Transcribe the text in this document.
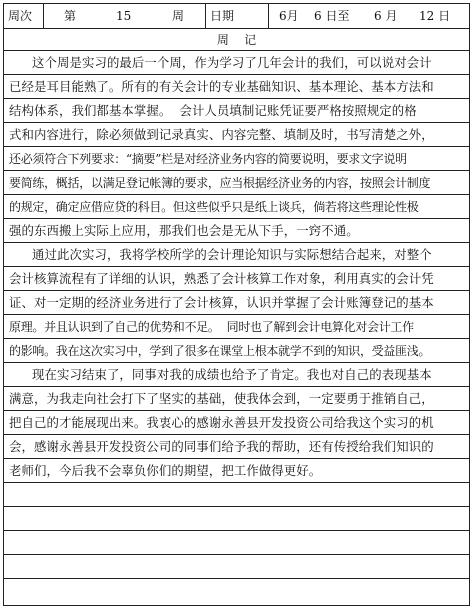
周次	第	15	周	日期	6月 6 日至 6 月 12 日
周    记
这个周是实习的最后一个周，作为学习了几年会计的我们，可以说对会计
已经是耳目能熟了。所有的有关会计的专业基础知识、基本理论、基本方法和
结构体系，我们都基本掌握。  会计人员填制记账凭证要严格按照规定的格
式和内容进行，除必须做到记录真实、内容完整、填制及时，书写清楚之外，
还必须符合下列要求：“摘要”栏是对经济业务内容的简要说明，要求文字说明
要简练，概括，以满足登记帐簿的要求，应当根据经济业务的内容，按照会计制度
的规定，确定应借应贷的科目。但这些似乎只是纸上谈兵，倘若将这些理论性极
强的东西搬上实际上应用，那我们也会是无从下手，一窍不通。
通过此次实习，我将学校所学的会计理论知识与实际想结合起来，对整个
会计核算流程有了详细的认识，熟悉了会计核算工作对象，利用真实的会计凭
证、对一定期的经济业务进行了会计核算，认识并掌握了会计账簿登记的基本
原理。并且认识到了自己的优势和不足。  同时也了解到会计电算化对会计工作
的影响。我在这次实习中，学到了很多在课堂上根本就学不到的知识，受益匪浅。
现在实习结束了，同事对我的成绩也给予了肯定。我也对自己的表现基本
满意，为我走向社会打下了坚实的基础，使我体会到，一定要勇于推销自己，
把自己的才能展现出来。我衷心的感谢永善县开发投资公司给我这个实习的机
会，感谢永善县开发投资公司的同事们给予我的帮助，还有传授给我们知识的
老师们，今后我不会辜负你们的期望，把工作做得更好。
